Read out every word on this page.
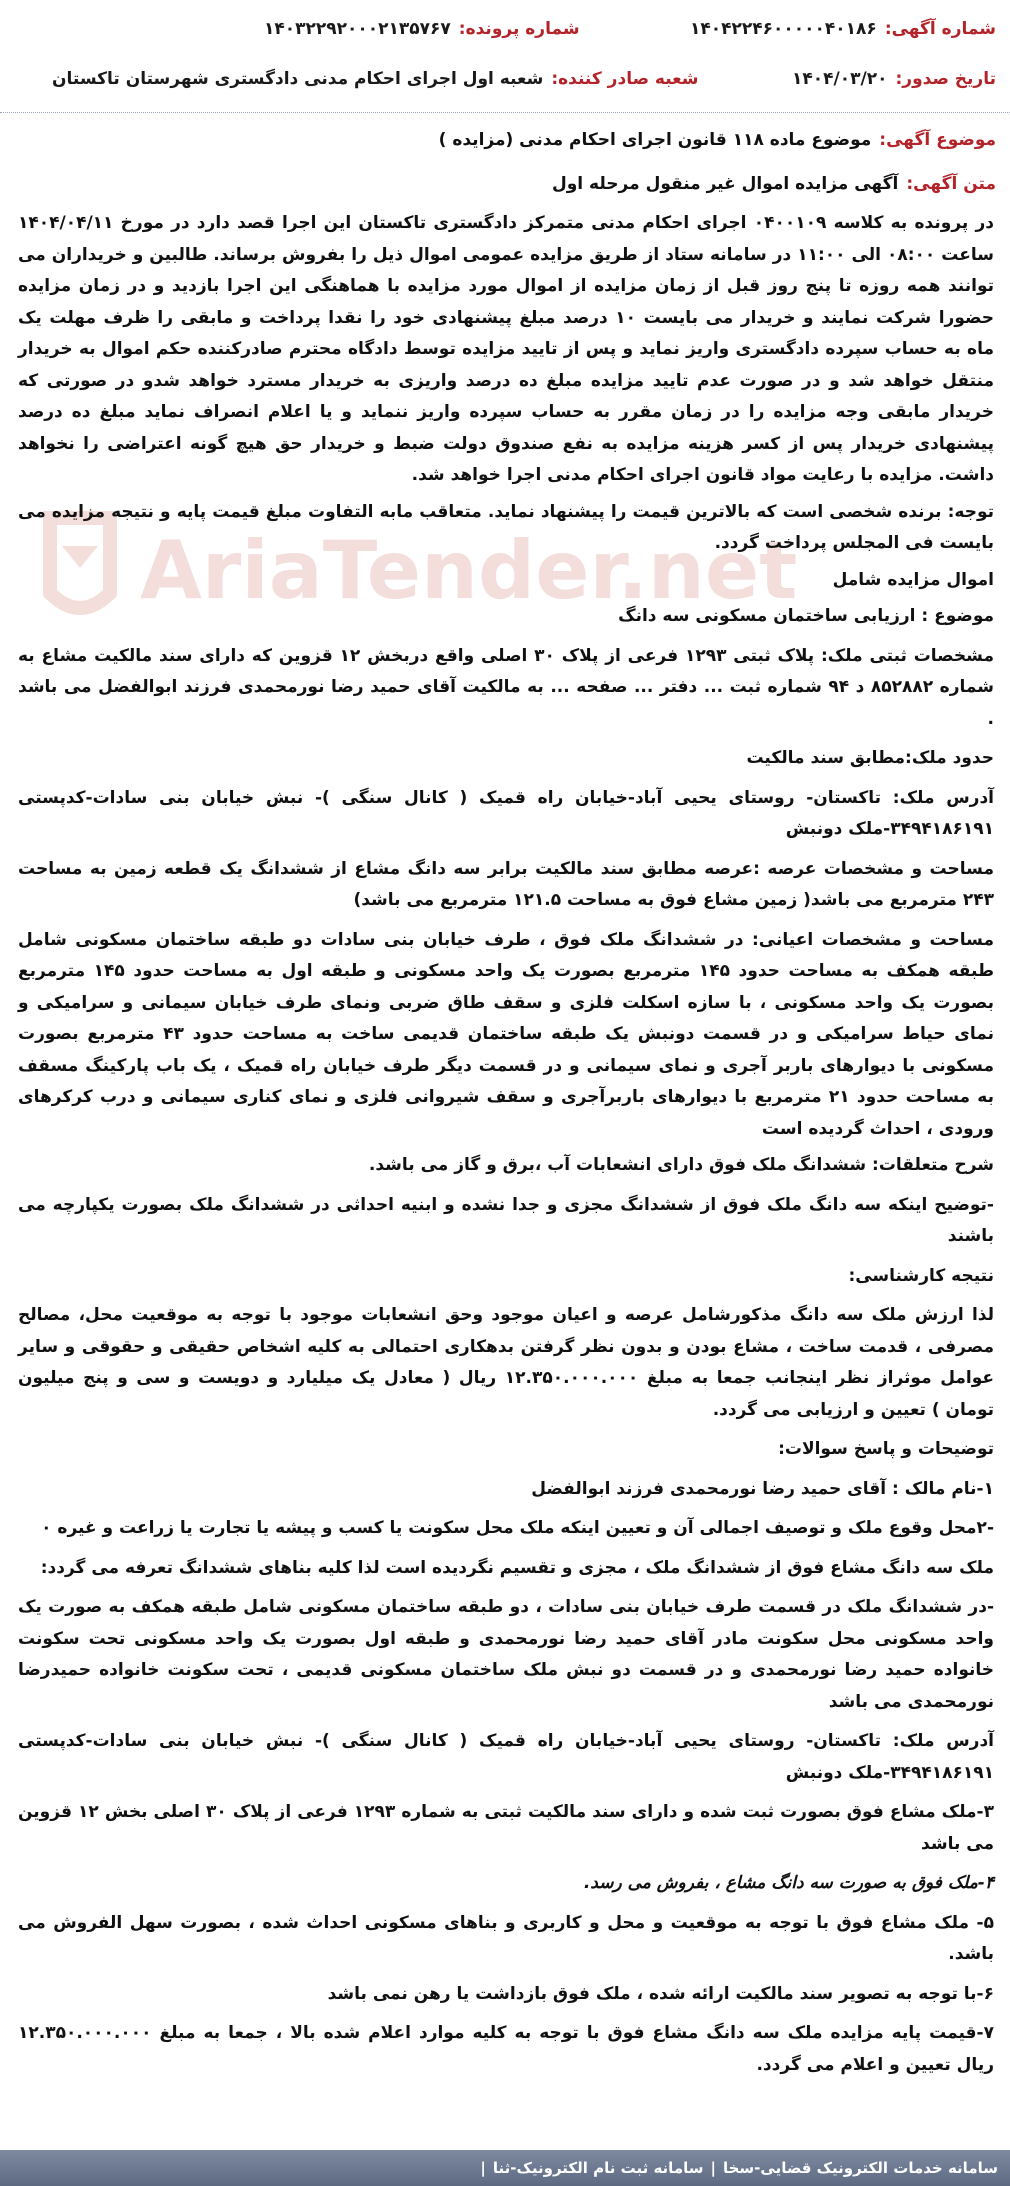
شماره آگهی:
۱۴۰۴۲۲۴۶۰۰۰۰۰۴۰۱۸۶
شماره پرونده:
۱۴۰۳۲۲۹۲۰۰۰۲۱۳۵۷۶۷
تاریخ صدور:
۱۴۰۴/۰۳/۲۰
شعبه صادر کننده:
شعبه اول اجرای احکام مدنی دادگستری شهرستان تاکستان
موضوع آگهی:
موضوع ماده ۱۱۸ قانون اجرای احکام مدنی (مزایده )
متن آگهی:
آگهی مزایده اموال غیر منقول مرحله اول
AriaTender.net

در پرونده به کلاسه ۰۴۰۰۱۰۹ اجرای احکام مدنی متمرکز دادگستری تاکستان این اجرا قصد دارد در مورخ ۱۴۰۴/۰۴/۱۱ ساعت ۰۸:۰۰ الی ۱۱:۰۰ در سامانه ستاد از طریق مزایده عمومی اموال ذیل را بفروش برساند. طالبین و خریداران می توانند همه روزه تا پنج روز قبل از زمان مزایده از اموال مورد مزایده با هماهنگی این اجرا بازدید و در زمان مزایده حضورا شرکت نمایند و خریدار می بایست ۱۰ درصد مبلغ پیشنهادی خود را نقدا پرداخت و مابقی را ظرف مهلت یک ماه به حساب سپرده دادگستری واریز نماید و پس از تایید مزایده توسط دادگاه محترم صادرکننده حکم اموال به خریدار منتقل خواهد شد و در صورت عدم تایید مزایده مبلغ ده درصد واریزی به خریدار مسترد خواهد شدو در صورتی که خریدار مابقی وجه مزایده را در زمان مقرر به حساب سپرده واریز ننماید و یا اعلام انصراف نماید مبلغ ده درصد پیشنهادی خریدار پس از کسر هزینه مزایده به نفع صندوق دولت ضبط و خریدار حق هیچ گونه اعتراضی را نخواهد داشت. مزایده با رعایت مواد قانون اجرای احکام مدنی اجرا خواهد شد.

توجه: برنده شخصی است که بالاترین قیمت را پیشنهاد نماید. متعاقب مابه التفاوت مبلغ قیمت پایه و نتیجه مزایده می بایست فی المجلس پرداخت گردد.

اموال مزایده شامل

موضوع : ارزیابی ساختمان مسکونی سه دانگ

مشخصات ثبتی ملک: پلاک ثبتی ۱۲۹۳ فرعی از پلاک ۳۰ اصلی واقع دربخش ۱۲ قزوین که دارای سند مالکیت مشاع به شماره ۸۵۲۸۸۲ د ۹۴ شماره ثبت ... دفتر ... صفحه ... به مالکیت آقای حمید رضا نورمحمدی فرزند ابوالفضل می باشد .

حدود ملک:مطابق سند مالکیت

آدرس ملک: تاکستان- روستای یحیی آباد-خیابان راه قمیک ( کانال سنگی )- نبش خیابان بنی سادات-کدپستی ۳۴۹۴۱۸۶۱۹۱-ملک دونبش

مساحت و مشخصات عرصه :عرصه مطابق سند مالکیت برابر سه دانگ مشاع از ششدانگ یک قطعه زمین به مساحت ۲۴۳ مترمربع می باشد( زمین مشاع فوق به مساحت ۱۲۱.۵ مترمربع می باشد)

مساحت و مشخصات اعیانی: در ششدانگ ملک فوق ، طرف خیابان بنی سادات دو طبقه ساختمان مسکونی شامل طبقه همکف به مساحت حدود ۱۴۵ مترمربع بصورت یک واحد مسکونی و طبقه اول به مساحت حدود ۱۴۵ مترمربع بصورت یک واحد مسکونی ، با سازه اسکلت فلزی و سقف طاق ضربی ونمای طرف خیابان سیمانی و سرامیکی و نمای حیاط سرامیکی و در قسمت دونبش یک طبقه ساختمان قدیمی ساخت به مساحت حدود ۴۳ مترمربع بصورت مسکونی با دیوارهای باربر آجری و نمای سیمانی و در قسمت دیگر طرف خیابان راه قمیک ، یک باب پارکینگ مسقف به مساحت حدود ۲۱ مترمربع با دیوارهای باربرآجری و سقف شیروانی فلزی و نمای کناری سیمانی و درب کرکرهای ورودی ، احداث گردیده است

شرح متعلقات: ششدانگ ملک فوق دارای انشعابات آب ،برق و گاز می باشد.

-توضیح اینکه سه دانگ ملک فوق از ششدانگ مجزی و جدا نشده و ابنیه احداثی در ششدانگ ملک بصورت یکپارچه می باشند

نتیجه کارشناسی:

لذا ارزش ملک سه دانگ مذکورشامل عرصه و اعیان موجود وحق انشعابات موجود با توجه به موقعیت محل، مصالح مصرفی ، قدمت ساخت ، مشاع بودن و بدون نظر گرفتن بدهکاری احتمالی به کلیه اشخاص حقیقی و حقوقی و سایر عوامل موثراز نظر اینجانب جمعا به مبلغ ۱۲.۳۵۰.۰۰۰.۰۰۰ ریال ( معادل یک میلیارد و دویست و سی و پنج میلیون تومان ) تعیین و ارزیابی می گردد.

توضیحات و پاسخ سوالات:

۱-نام مالک : آقای حمید رضا نورمحمدی فرزند ابوالفضل

-۲محل وقوع ملک و توصیف اجمالی آن و تعیین اینکه ملک محل سکونت یا کسب و پیشه یا تجارت یا زراعت و غیره ۰

ملک سه دانگ مشاع فوق از ششدانگ ملک ، مجزی و تقسیم نگردیده است لذا کلیه بناهای ششدانگ تعرفه می گردد:

-در ششدانگ ملک در قسمت طرف خیابان بنی سادات ، دو طبقه ساختمان مسکونی شامل طبقه همکف به صورت یک واحد مسکونی محل سکونت مادر آقای حمید رضا نورمحمدی و طبقه اول بصورت یک واحد مسکونی تحت سکونت خانواده حمید رضا نورمحمدی و در قسمت دو نبش ملک ساختمان مسکونی قدیمی ، تحت سکونت خانواده حمیدرضا نورمحمدی می باشد

آدرس ملک: تاکستان- روستای یحیی آباد-خیابان راه قمیک ( کانال سنگی )- نبش خیابان بنی سادات-کدپستی ۳۴۹۴۱۸۶۱۹۱-ملک دونبش

۳-ملک مشاع فوق بصورت ثبت شده و دارای سند مالکیت ثبتی به شماره ۱۲۹۳ فرعی از پلاک ۳۰ اصلی بخش ۱۲ قزوین می باشد

۴-ملک فوق به صورت سه دانگ مشاع ، بفروش می رسد.

۵- ملک مشاع فوق با توجه به موقعیت و محل و کاربری و بناهای مسکونی احداث شده ، بصورت سهل الفروش می باشد.

۶-با توجه به تصویر سند مالکیت ارائه شده ، ملک فوق بازداشت یا رهن نمی باشد

۷-قیمت پایه مزایده ملک سه دانگ مشاع فوق با توجه به کلیه موارد اعلام شده بالا ، جمعا به مبلغ ۱۲.۳۵۰.۰۰۰.۰۰۰ ریال تعیین و اعلام می گردد.

| سامانه ثبت نام الکترونیک-ثنا | سامانه خدمات الکترونیک قضایی-سخا
